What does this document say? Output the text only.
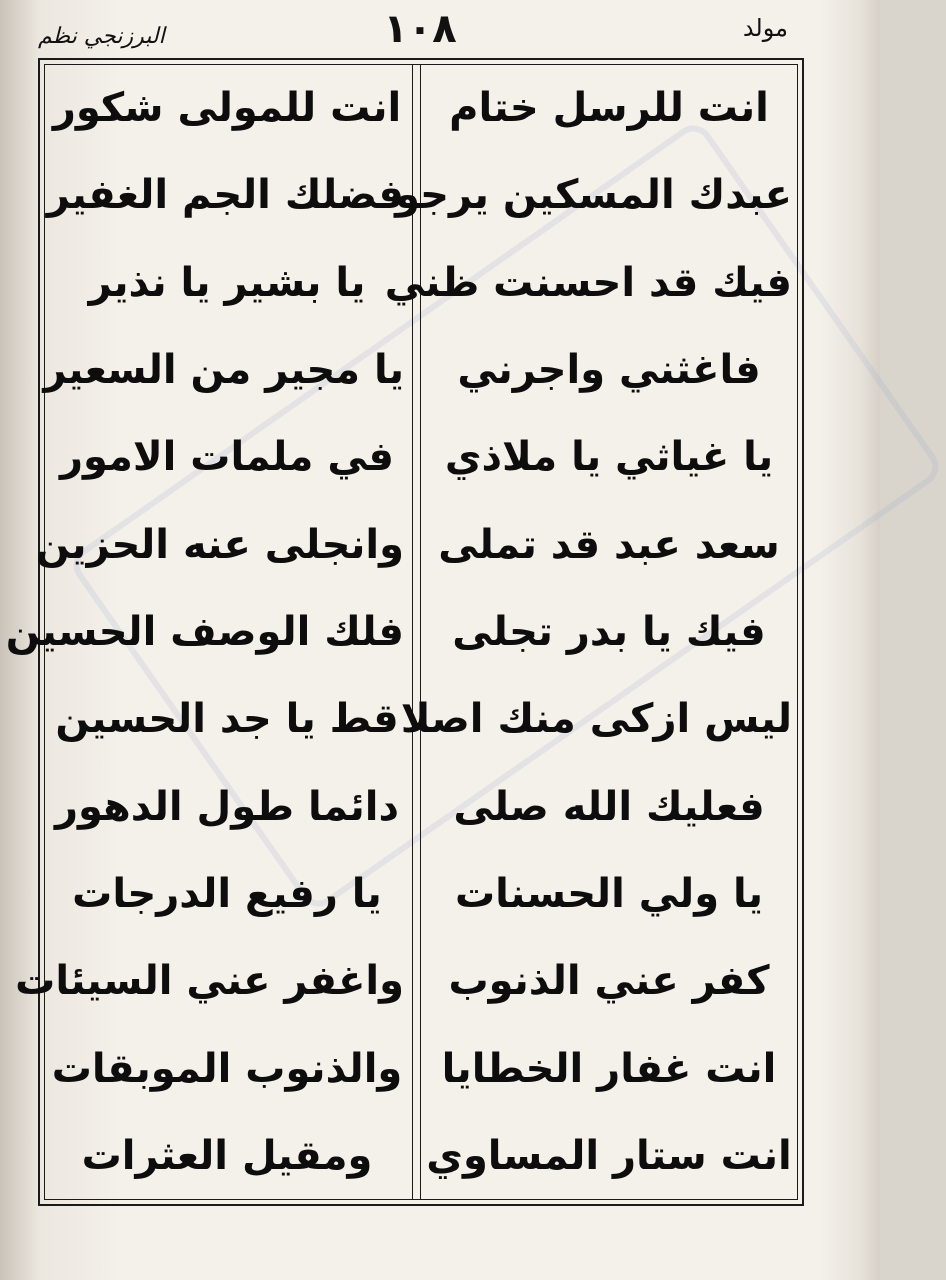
البرزنجي نظم	١٠٨	مولد
انت للرسل ختام
عبدك المسكين يرجو
فيك قد احسنت ظني
فاغثني واجرني
يا غياثي يا ملاذي
سعد عبد قد تملى
فيك يا بدر تجلى
ليس ازكى منك اصلا
فعليك الله صلى
يا ولي الحسنات
كفر عني الذنوب
انت غفار الخطايا
انت ستار المساوي
انت للمولى شكور
فضلك الجم الغفير
يا بشير يا نذير
يا مجير من السعير
في ملمات الامور
وانجلى عنه الحزين
فلك الوصف الحسين
قط يا جد الحسين
دائما طول الدهور
يا رفيع الدرجات
واغفر عني السيئات
والذنوب الموبقات
ومقيل العثرات
